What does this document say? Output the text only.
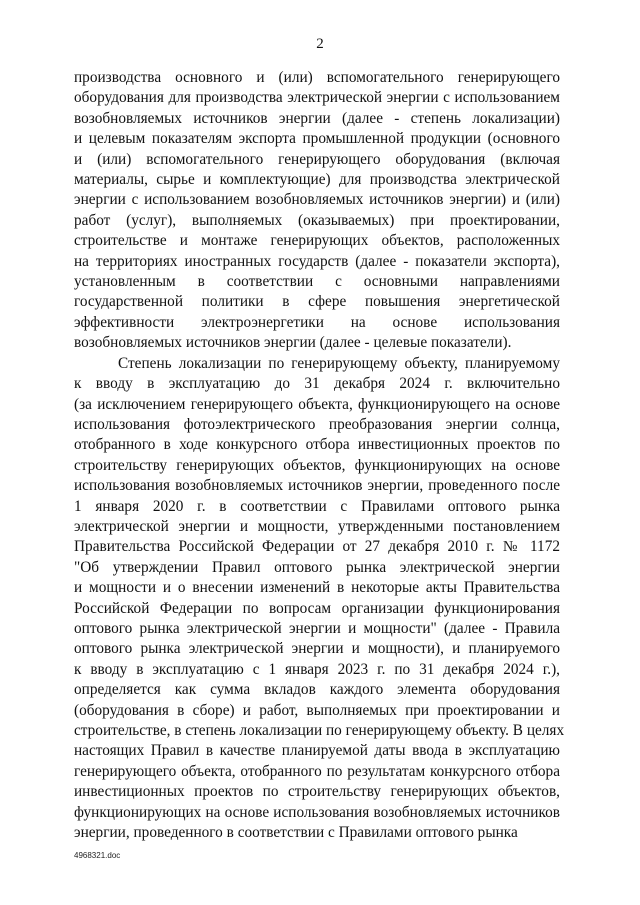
2
производства основного и (или) вспомогательного генерирующего
оборудования для производства электрической энергии с использованием
возобновляемых источников энергии (далее - степень локализации)
и целевым показателям экспорта промышленной продукции (основного
и (или) вспомогательного генерирующего оборудования (включая
материалы, сырье и комплектующие) для производства электрической
энергии с использованием возобновляемых источников энергии) и (или)
работ (услуг), выполняемых (оказываемых) при проектировании,
строительстве и монтаже генерирующих объектов, расположенных
на территориях иностранных государств (далее - показатели экспорта),
установленным в соответствии с основными направлениями
государственной политики в сфере повышения энергетической
эффективности электроэнергетики на основе использования
возобновляемых источников энергии (далее - целевые показатели).
Степень локализации по генерирующему объекту, планируемому
к вводу в эксплуатацию до 31 декабря 2024 г. включительно
(за исключением генерирующего объекта, функционирующего на основе
использования фотоэлектрического преобразования энергии солнца,
отобранного в ходе конкурсного отбора инвестиционных проектов по
строительству генерирующих объектов, функционирующих на основе
использования возобновляемых источников энергии, проведенного после
1 января 2020 г. в соответствии с Правилами оптового рынка
электрической энергии и мощности, утвержденными постановлением
Правительства Российской Федерации от 27 декабря 2010 г. № 1172
"Об утверждении Правил оптового рынка электрической энергии
и мощности и о внесении изменений в некоторые акты Правительства
Российской Федерации по вопросам организации функционирования
оптового рынка электрической энергии и мощности" (далее - Правила
оптового рынка электрической энергии и мощности), и планируемого
к вводу в эксплуатацию с 1 января 2023 г. по 31 декабря 2024 г.),
определяется как сумма вкладов каждого элемента оборудования
(оборудования в сборе) и работ, выполняемых при проектировании и
строительстве, в степень локализации по генерирующему объекту. В целях
настоящих Правил в качестве планируемой даты ввода в эксплуатацию
генерирующего объекта, отобранного по результатам конкурсного отбора
инвестиционных проектов по строительству генерирующих объектов,
функционирующих на основе использования возобновляемых источников
энергии, проведенного в соответствии с Правилами оптового рынка
4968321.doc
